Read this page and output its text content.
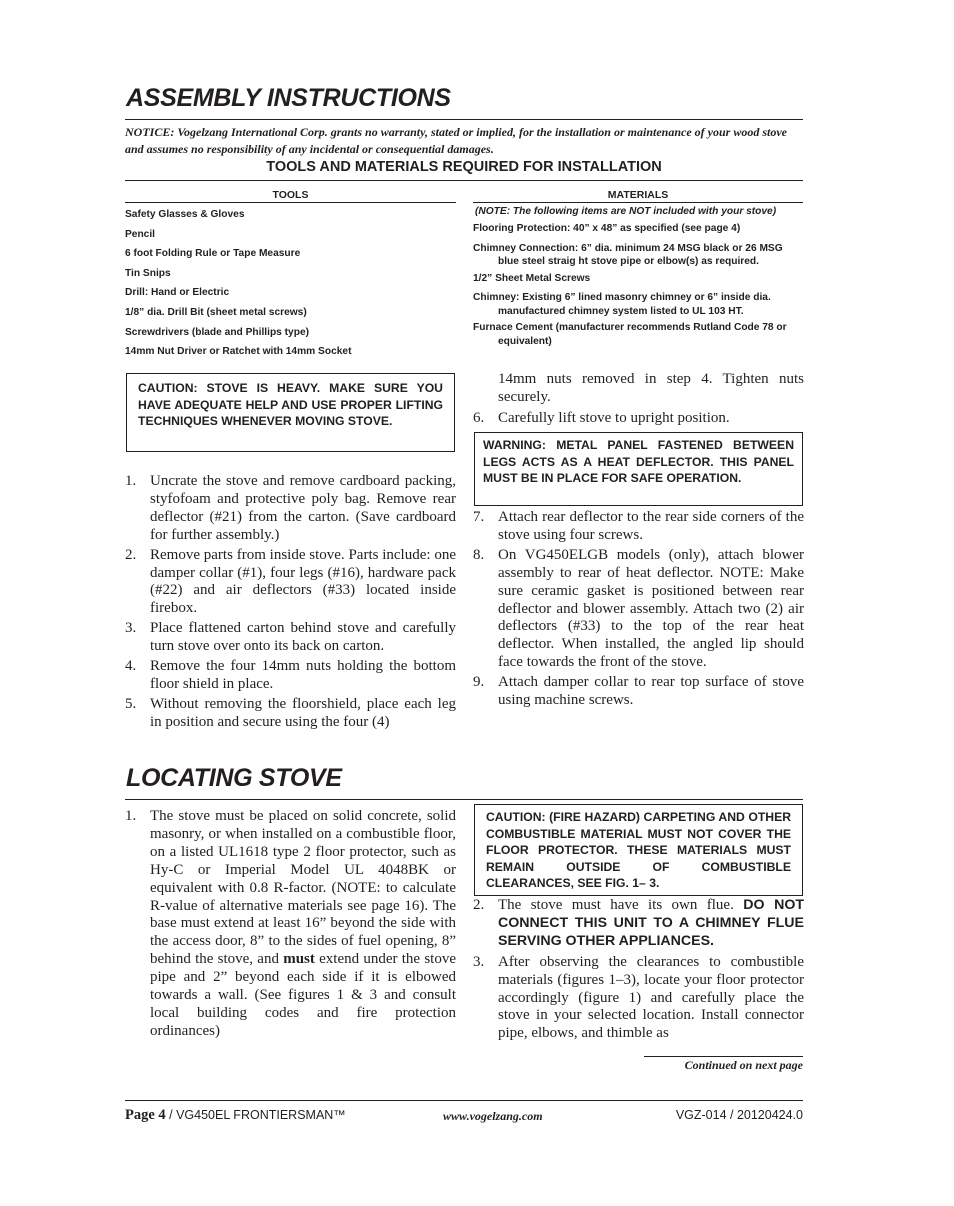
ASSEMBLY INSTRUCTIONS

NOTICE: Vogelzang International Corp. grants no warranty, stated or implied, for the installation or maintenance of your wood stove and assumes no responsibility of any incidental or consequential damages.

TOOLS AND MATERIALS REQUIRED FOR INSTALLATION

TOOLS

Safety Glasses & Gloves
Pencil
6 foot Folding Rule or Tape Measure
Tin Snips
Drill: Hand or Electric
1/8” dia. Drill Bit (sheet metal screws)
Screwdrivers (blade and Phillips type)
14mm Nut Driver or Ratchet with 14mm Socket

MATERIALS

(NOTE: The following items are NOT included with your stove)

Flooring Protection: 40” x 48” as specified (see page 4)
Chimney Connection: 6” dia. minimum 24 MSG black or 26 MSG blue steel straig ht stove pipe or elbow(s) as required.
1/2” Sheet Metal Screws
Chimney: Existing 6” lined masonry chimney or 6” inside dia. manufactured chimney system listed to UL 103 HT.
Furnace Cement (manufacturer recommends Rutland Code 78 or equivalent)
CAUTION: STOVE IS HEAVY. MAKE SURE YOU HAVE ADEQUATE HELP AND USE PROPER LIFTING TECHNIQUES WHENEVER MOVING STOVE.
1. Uncrate the stove and remove cardboard packing, styfofoam and protective poly bag. Remove rear deflector (#21) from the carton. (Save cardboard for further assembly.)
2. Remove parts from inside stove. Parts include: one damper collar (#1), four legs (#16), hardware pack (#22) and air deflectors (#33) located inside firebox.
3. Place flattened carton behind stove and carefully turn stove over onto its back on carton.
4. Remove the four 14mm nuts holding the bottom floor shield in place.
5. Without removing the floorshield, place each leg in position and secure using the four (4)

14mm nuts removed in step 4. Tighten nuts securely.

6. Carefully lift stove to upright position.
WARNING: METAL PANEL FASTENED BETWEEN LEGS ACTS AS A HEAT DEFLECTOR. THIS PANEL MUST BE IN PLACE FOR SAFE OPERATION.
7. Attach rear deflector to the rear side corners of the stove using four screws.
8. On VG450ELGB models (only), attach blower assembly to rear of heat deflector. NOTE: Make sure ceramic gasket is positioned between rear deflector and blower assembly. Attach two (2) air deflectors (#33) to the top of the rear heat deflector. When installed, the angled lip should face towards the front of the stove.
9. Attach damper collar to rear top surface of stove using machine screws.
LOCATING STOVE
1. The stove must be placed on solid concrete, solid masonry, or when installed on a combustible floor, on a listed UL1618 type 2 floor protector, such as Hy-C or Imperial Model UL 4048BK or equivalent with 0.8 R-factor. (NOTE: to calculate R-value of alternative materials see page 16). The base must extend at least 16” beyond the side with the access door, 8” to the sides of fuel opening, 8” behind the stove, and must extend under the stove pipe and 2” beyond each side if it is elbowed towards a wall. (See figures 1 & 3 and consult local building codes and fire protection ordinances)
CAUTION: (FIRE HAZARD) CARPETING AND OTHER COMBUSTIBLE MATERIAL MUST NOT COVER THE FLOOR PROTECTOR. THESE MATERIALS MUST REMAIN OUTSIDE OF COMBUSTIBLE CLEARANCES, SEE FIG. 1– 3.
2. The stove must have its own flue. DO NOT CONNECT THIS UNIT TO A CHIMNEY FLUE SERVING OTHER APPLIANCES.
3. After observing the clearances to combustible materials (figures 1–3), locate your floor protector accordingly (figure 1) and carefully place the stove in your selected location. Install connector pipe, elbows, and thimble as

Continued on next page

Page 4 / VG450EL FRONTIERSMAN™	www.vogelzang.com	VGZ-014 / 20120424.0
